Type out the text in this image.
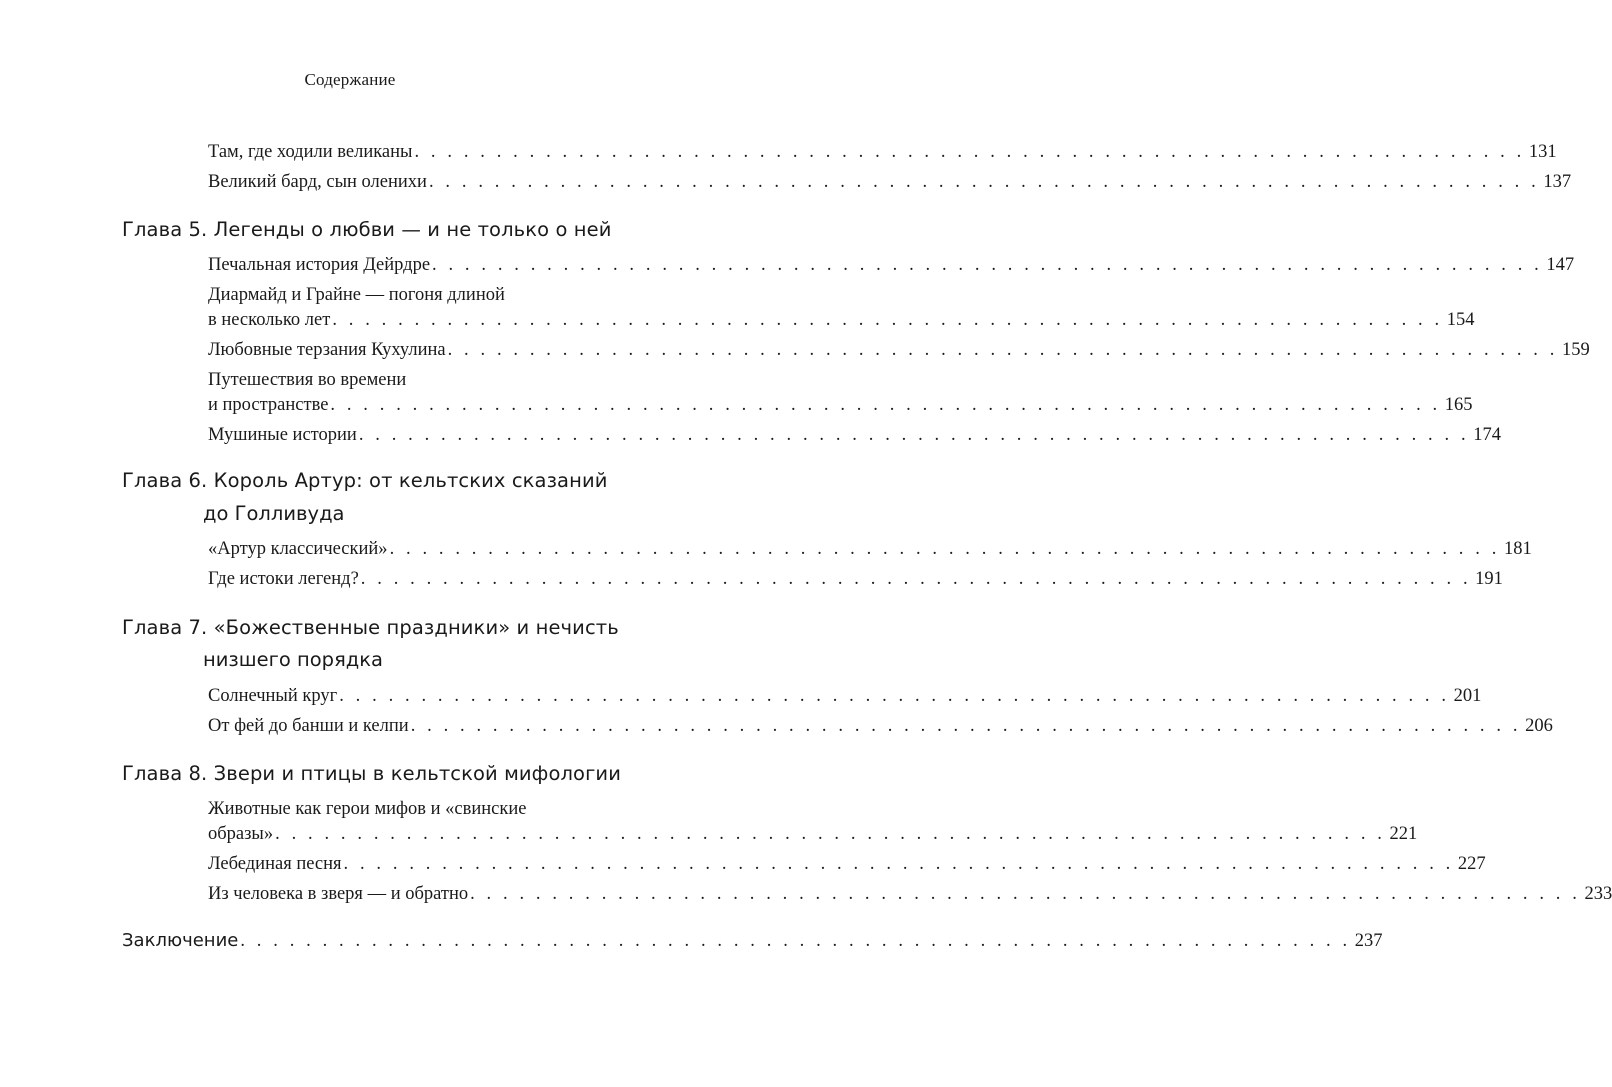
Содержание
Там, где ходили великаны . . . . . . . . . . . . . . . . . . . . . . . . . . . . . . . . . . . . . . . . . . . . . . . . . . . . . . . . . . . . . . . . . . . . 131
Великий бард, сын оленихи . . . . . . . . . . . . . . . . . . . . . . . . . . . . . . . . . . . . . . . . . . . . . . . . . . . . . . . . . . . . . . . . . . . . 137
Глава 5. Легенды о любви — и не только о ней
Печальная история Дейрдре . . . . . . . . . . . . . . . . . . . . . . . . . . . . . . . . . . . . . . . . . . . . . . . . . . . . . . . . . . . . . . . . . . . . 147
Диармайд и Грайне — погоня длиной
в несколько лет . . . . . . . . . . . . . . . . . . . . . . . . . . . . . . . . . . . . . . . . . . . . . . . . . . . . . . . . . . . . . . . . . . . . 154
Любовные терзания Кухулина . . . . . . . . . . . . . . . . . . . . . . . . . . . . . . . . . . . . . . . . . . . . . . . . . . . . . . . . . . . . . . . . . . . . 159
Путешествия во времени
и пространстве . . . . . . . . . . . . . . . . . . . . . . . . . . . . . . . . . . . . . . . . . . . . . . . . . . . . . . . . . . . . . . . . . . . . 165
Мушиные истории . . . . . . . . . . . . . . . . . . . . . . . . . . . . . . . . . . . . . . . . . . . . . . . . . . . . . . . . . . . . . . . . . . . . 174
Глава 6. Король Артур: от кельтских сказаний
до Голливуда
«Артур классический» . . . . . . . . . . . . . . . . . . . . . . . . . . . . . . . . . . . . . . . . . . . . . . . . . . . . . . . . . . . . . . . . . . . . 181
Где истоки легенд? . . . . . . . . . . . . . . . . . . . . . . . . . . . . . . . . . . . . . . . . . . . . . . . . . . . . . . . . . . . . . . . . . . . . 191
Глава 7. «Божественные праздники» и нечисть
низшего порядка
Солнечный круг . . . . . . . . . . . . . . . . . . . . . . . . . . . . . . . . . . . . . . . . . . . . . . . . . . . . . . . . . . . . . . . . . . . . 201
От фей до банши и келпи . . . . . . . . . . . . . . . . . . . . . . . . . . . . . . . . . . . . . . . . . . . . . . . . . . . . . . . . . . . . . . . . . . . . 206
Глава 8. Звери и птицы в кельтской мифологии
Животные как герои мифов и «свинские
образы» . . . . . . . . . . . . . . . . . . . . . . . . . . . . . . . . . . . . . . . . . . . . . . . . . . . . . . . . . . . . . . . . . . . . 221
Лебединая песня . . . . . . . . . . . . . . . . . . . . . . . . . . . . . . . . . . . . . . . . . . . . . . . . . . . . . . . . . . . . . . . . . . . . 227
Из человека в зверя — и обратно . . . . . . . . . . . . . . . . . . . . . . . . . . . . . . . . . . . . . . . . . . . . . . . . . . . . . . . . . . . . . . . . . . . . 233
Заключение . . . . . . . . . . . . . . . . . . . . . . . . . . . . . . . . . . . . . . . . . . . . . . . . . . . . . . . . . . . . . . . . . . . . 237
